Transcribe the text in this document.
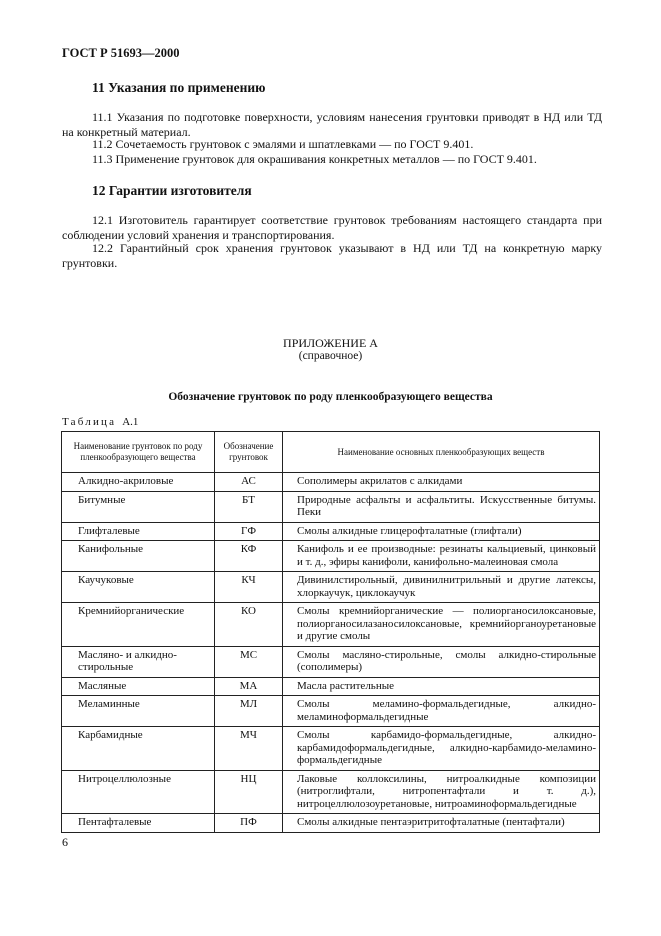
ГОСТ Р 51693—2000
11 Указания по применению
11.1 Указания по подготовке поверхности, условиям нанесения грунтовки приводят в НД или ТД на конкретный материал.
11.2 Сочетаемость грунтовок с эмалями и шпатлевками — по ГОСТ 9.401.
11.3 Применение грунтовок для окрашивания конкретных металлов — по ГОСТ 9.401.
12 Гарантии изготовителя
12.1 Изготовитель гарантирует соответствие грунтовок требованиям настоящего стандарта при соблюдении условий хранения и транспортирования.
12.2 Гарантийный срок хранения грунтовок указывают в НД или ТД на конкретную марку грунтовки.
ПРИЛОЖЕНИЕ А
(справочное)
Обозначение грунтовок по роду пленкообразующего вещества
Таблица А.1
Наименование грунтовок по роду пленкообразующего вещества	Обозначение грунтовок	Наименование основных пленкообразующих веществ
Алкидно-акриловые	АС	Сополимеры акрилатов с алкидами
Битумные	БТ	Природные асфальты и асфальтиты. Искусственные битумы. Пеки
Глифталевые	ГФ	Смолы алкидные глицерофталатные (глифтали)
Канифольные	КФ	Канифоль и ее производные: резинаты кальциевый, цинковый и т. д., эфиры канифоли, канифольно-малеиновая смола
Каучуковые	КЧ	Дивинилстирольный, дивинилнитрильный и другие латексы, хлоркаучук, циклокаучук
Кремнийорганические	КО	Смолы кремнийорганические — полиорганосилоксановые, полиорганосилазаносилоксановые, кремнийорганоуретановые и другие смолы
Масляно- и алкидно-стирольные	МС	Смолы масляно-стирольные, смолы алкидно-стирольные (сополимеры)
Масляные	МА	Масла растительные
Меламинные	МЛ	Смолы меламино-формальдегидные, алкидно-меламиноформальдегидные
Карбамидные	МЧ	Смолы карбамидо-формальдегидные, алкидно-карбамидоформальдегидные, алкидно-карбамидо-меламино-формальдегидные
Нитроцеллюлозные	НЦ	Лаковые коллоксилины, нитроалкидные композиции (нитроглифтали, нитропентафтали и т. д.), нитроцеллюлозоуретановые, нитроаминоформальдегидные
Пентафталевые	ПФ	Смолы алкидные пентаэритритофталатные (пентафтали)
6
